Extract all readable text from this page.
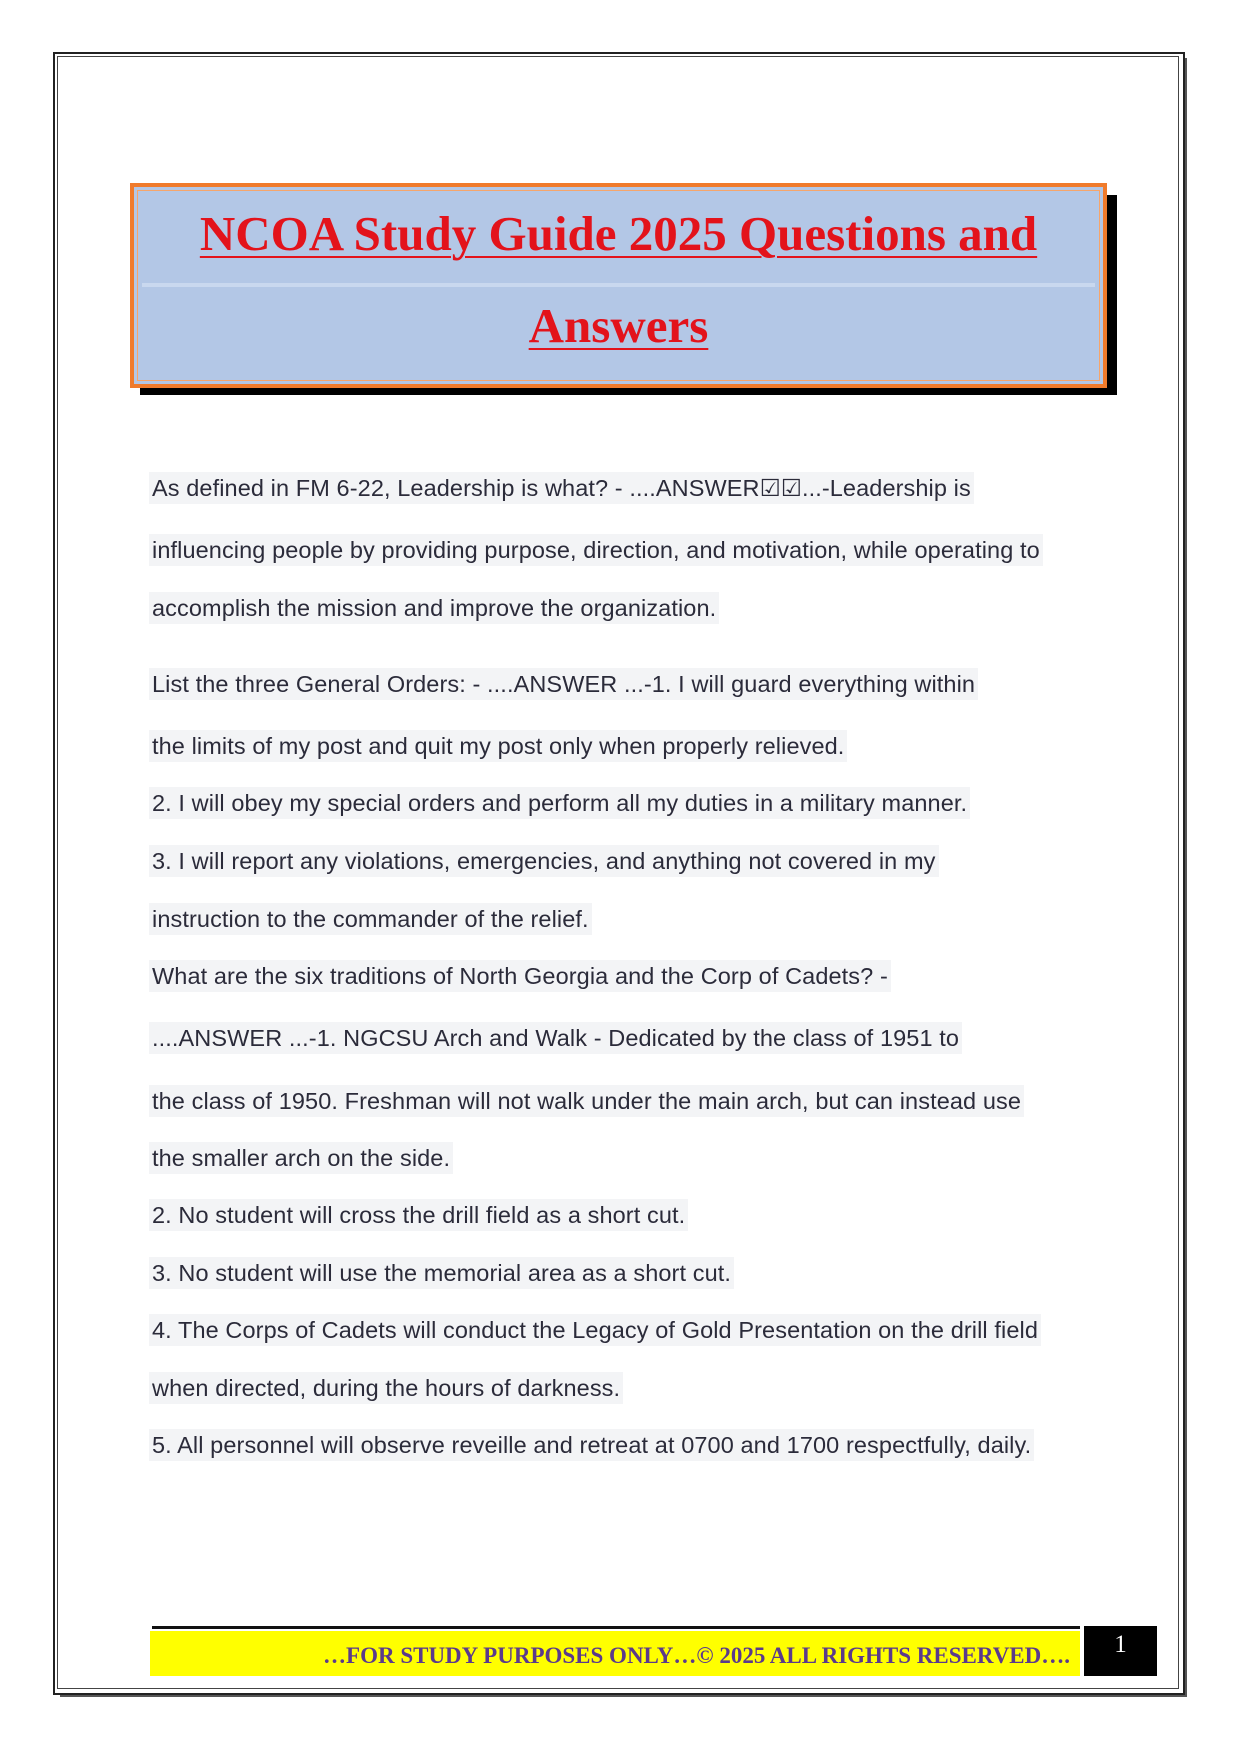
NCOA Study Guide 2025 Questions and
Answers
As defined in FM 6-22, Leadership is what? - ....ANSWER☑☑...-Leadership is
influencing people by providing purpose, direction, and motivation, while operating to
accomplish the mission and improve the organization.
List the three General Orders: - ....ANSWER ...-1. I will guard everything within
the limits of my post and quit my post only when properly relieved.
2. I will obey my special orders and perform all my duties in a military manner.
3. I will report any violations, emergencies, and anything not covered in my
instruction to the commander of the relief.
What are the six traditions of North Georgia and the Corp of Cadets? -
....ANSWER ...-1. NGCSU Arch and Walk - Dedicated by the class of 1951 to
the class of 1950. Freshman will not walk under the main arch, but can instead use
the smaller arch on the side.
2. No student will cross the drill field as a short cut.
3. No student will use the memorial area as a short cut.
4. The Corps of Cadets will conduct the Legacy of Gold Presentation on the drill field
when directed, during the hours of darkness.
5. All personnel will observe reveille and retreat at 0700 and 1700 respectfully, daily.
…FOR STUDY PURPOSES ONLY…© 2025 ALL RIGHTS RESERVED….	1
